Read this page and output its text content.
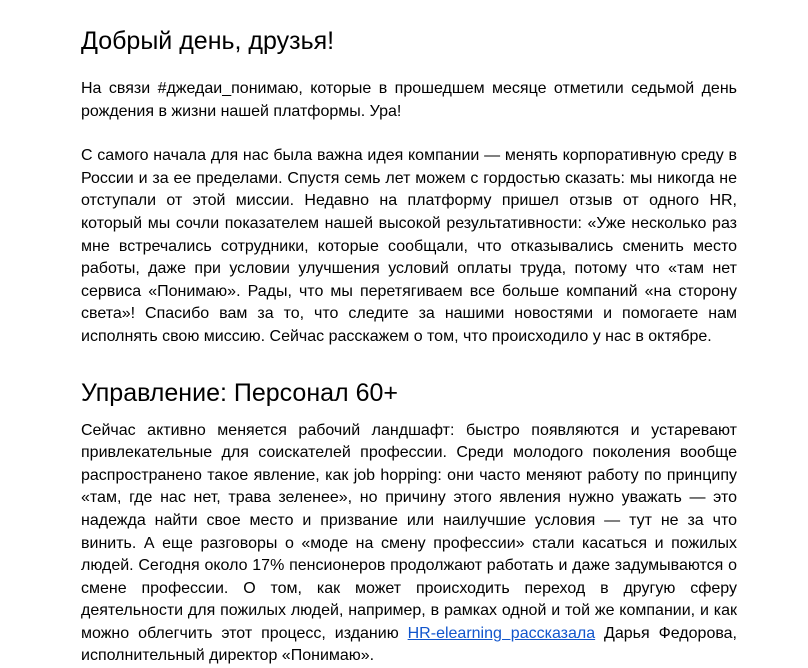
Добрый день, друзья!

На связи #джедаи_понимаю, которые в прошедшем месяце отметили седьмой день рождения в жизни нашей платформы. Ура!

С самого начала для нас была важна идея компании — менять корпоративную среду в России и за ее пределами. Спустя семь лет можем с гордостью сказать: мы никогда не отступали от этой миссии. Недавно на платформу пришел отзыв от одного HR, который мы сочли показателем нашей высокой результативности: «Уже несколько раз мне встречались сотрудники, которые сообщали, что отказывались сменить место работы, даже при условии улучшения условий оплаты труда, потому что «там нет сервиса «Понимаю». Рады, что мы перетягиваем все больше компаний «на сторону света»! Спасибо вам за то, что следите за нашими новостями и помогаете нам исполнять свою миссию. Сейчас расскажем о том, что происходило у нас в октябре.

Управление: Персонал 60+

Сейчас активно меняется рабочий ландшафт: быстро появляются и устаревают привлекательные для соискателей профессии. Среди молодого поколения вообще распространено такое явление, как job hopping: они часто меняют работу по принципу «там, где нас нет, трава зеленее», но причину этого явления нужно уважать — это надежда найти свое место и призвание или наилучшие условия — тут не за что винить. А еще разговоры о «моде на смену профессии» стали касаться и пожилых людей. Сегодня около 17% пенсионеров продолжают работать и даже задумываются о смене профессии. О том, как может происходить переход в другую сферу деятельности для пожилых людей, например, в рамках одной и той же компании, и как можно облегчить этот процесс, изданию HR-elearning рассказала Дарья Федорова, исполнительный директор «Понимаю».
